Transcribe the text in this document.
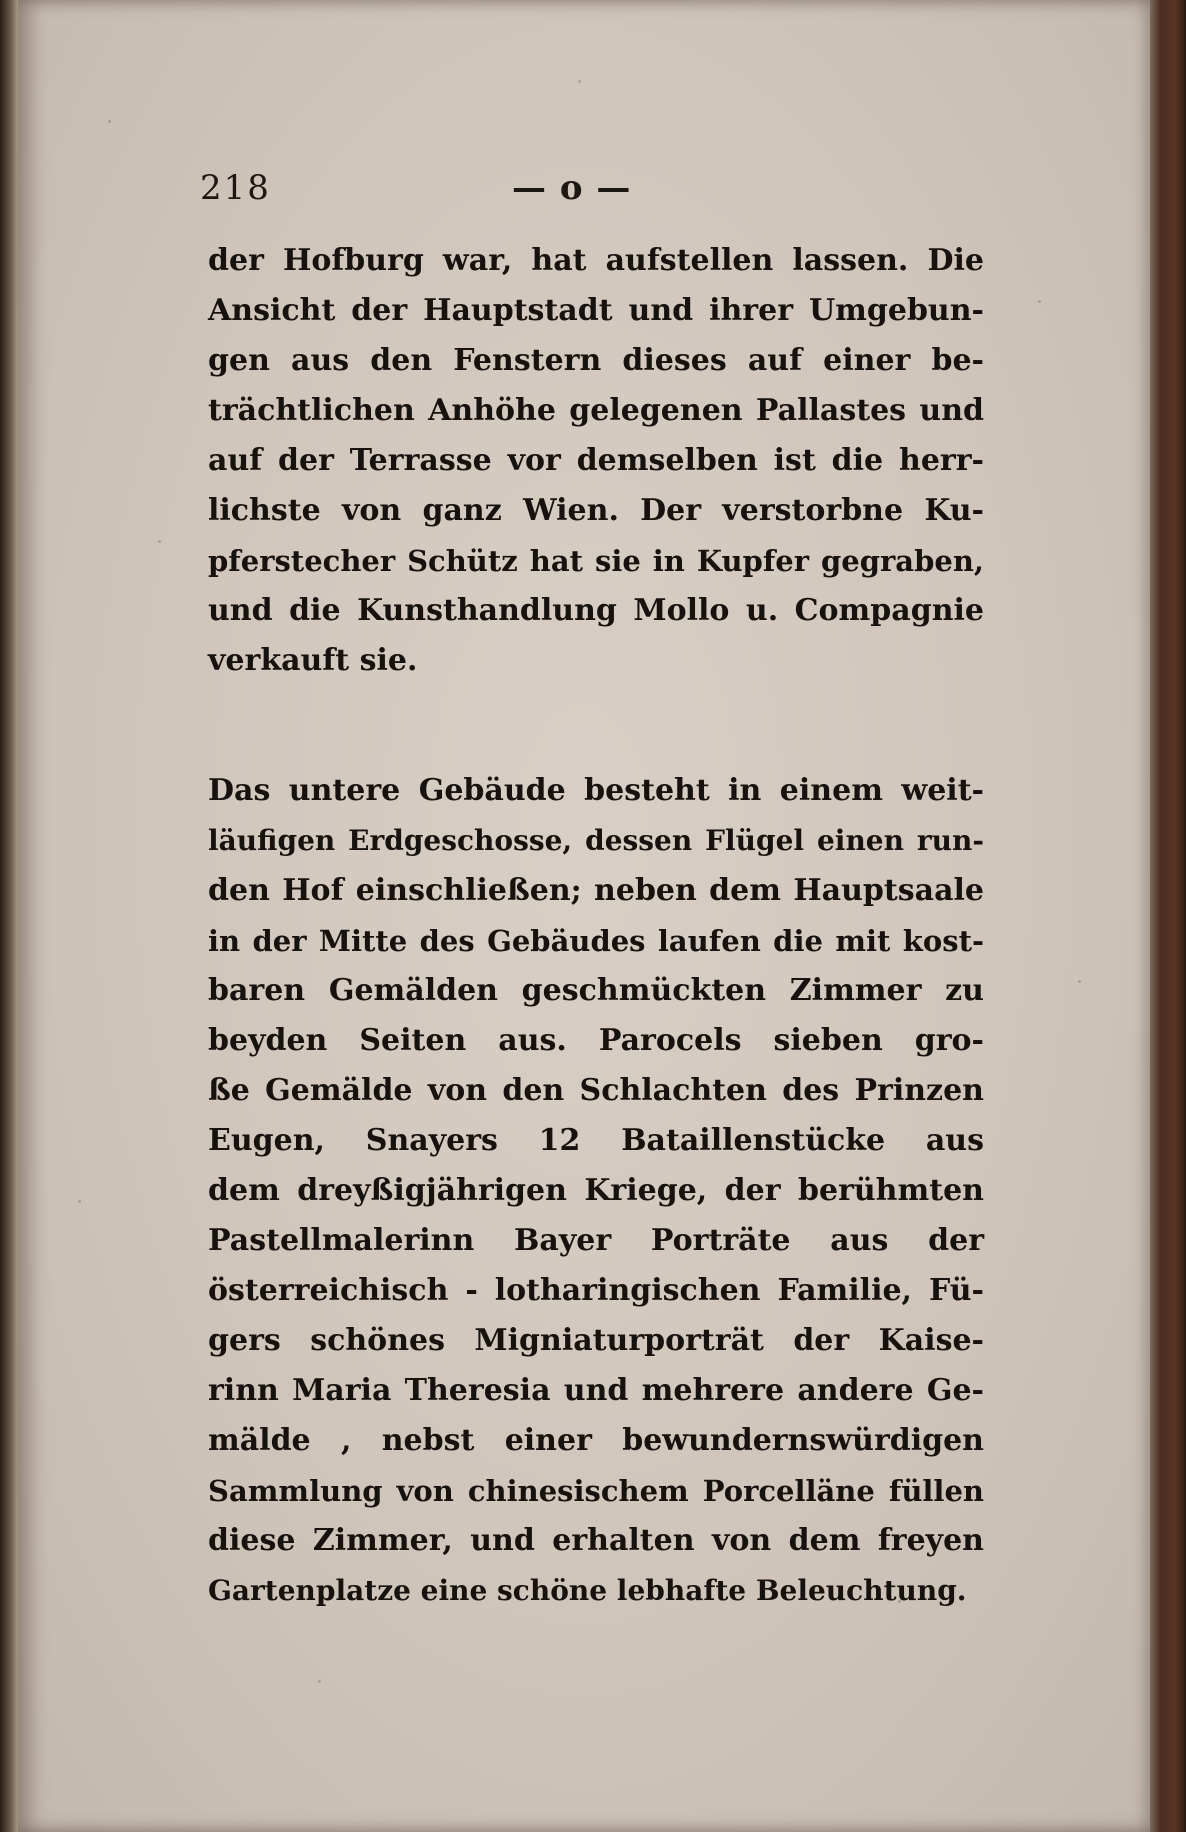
218	— o —
der Hofburg war, hat aufstellen lassen. Die
Ansicht der Hauptstadt und ihrer Umgebun-
gen aus den Fenstern dieses auf einer be-
trächtlichen Anhöhe gelegenen Pallastes und
auf der Terrasse vor demselben ist die herr-
lichste von ganz Wien. Der verstorbne Ku-
pferstecher Schütz hat sie in Kupfer gegraben,
und die Kunsthandlung Mollo u. Compagnie
verkauft sie.
Das untere Gebäude besteht in einem weit-
läufigen Erdgeschosse, dessen Flügel einen run-
den Hof einschließen; neben dem Hauptsaale
in der Mitte des Gebäudes laufen die mit kost-
baren Gemälden geschmückten Zimmer zu
beyden Seiten aus. Parocels sieben gro-
ße Gemälde von den Schlachten des Prinzen
Eugen, Snayers 12 Bataillenstücke aus
dem dreyßigjährigen Kriege, der berühmten
Pastellmalerinn Bayer Porträte aus der
österreichisch - lotharingischen Familie, Fü-
gers schönes Migniaturporträt der Kaise-
rinn Maria Theresia und mehrere andere Ge-
mälde , nebst einer bewundernswürdigen
Sammlung von chinesischem Porcelläne füllen
diese Zimmer, und erhalten von dem freyen
Gartenplatze eine schöne lebhafte Beleuchtung.
